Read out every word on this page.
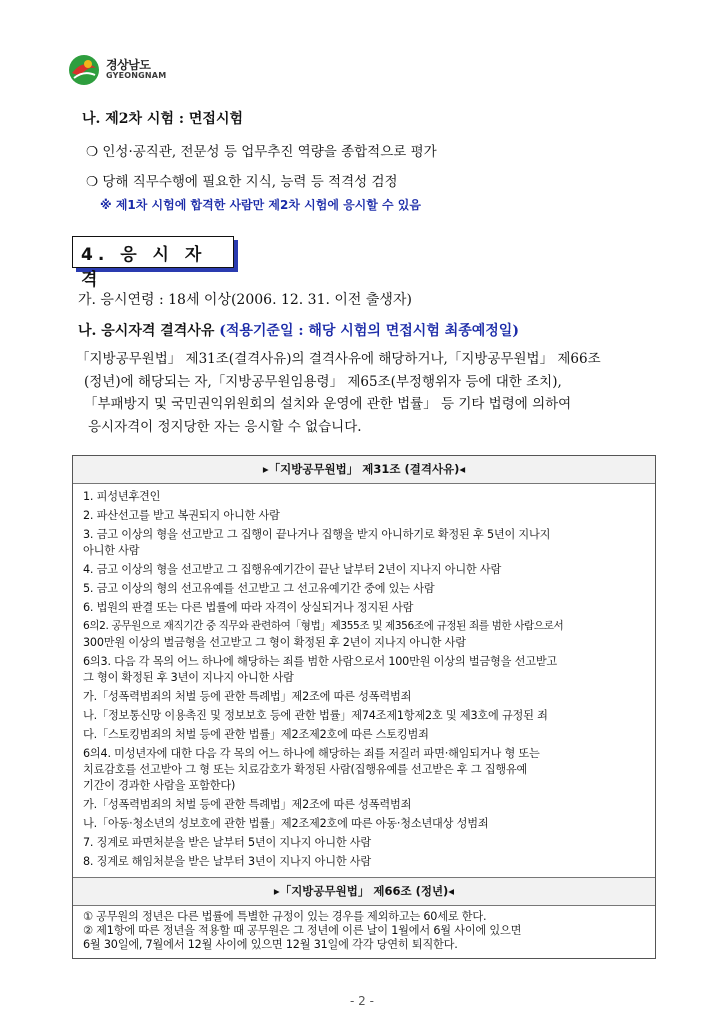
경상남도
GYEONGNAM
나. 제2차 시험 : 면접시험
❍ 인성·공직관, 전문성 등 업무추진 역량을 종합적으로 평가
❍ 당해 직무수행에 필요한 지식, 능력 등 적격성 검정
※ 제1차 시험에 합격한 사람만 제2차 시험에 응시할 수 있음
4. 응 시 자 격
가. 응시연령 : 18세 이상(2006. 12. 31. 이전 출생자)
나. 응시자격 결격사유 (적용기준일 : 해당 시험의 면접시험 최종예정일)

「지방공무원법」 제31조(결격사유)의 결격사유에 해당하거나,「지방공무원법」 제66조

(정년)에 해당되는 자,「지방공무원임용령」 제65조(부정행위자 등에 대한 조치),

「부패방지 및 국민권익위원회의 설치와 운영에 관한 법률」 등 기타 법령에 의하여

응시자격이 정지당한 자는 응시할 수 없습니다.

▸「지방공무원법」 제31조 (결격사유)◂
1. 피성년후견인
2. 파산선고를 받고 복권되지 아니한 사람
3. 금고 이상의 형을 선고받고 그 집행이 끝나거나 집행을 받지 아니하기로 확정된 후 5년이 지나지
아니한 사람
4. 금고 이상의 형을 선고받고 그 집행유예기간이 끝난 날부터 2년이 지나지 아니한 사람
5. 금고 이상의 형의 선고유예를 선고받고 그 선고유예기간 중에 있는 사람
6. 법원의 판결 또는 다른 법률에 따라 자격이 상실되거나 정지된 사람
6의2. 공무원으로 재직기간 중 직무와 관련하여「형법」제355조 및 제356조에 규정된 죄를 범한 사람으로서
300만원 이상의 벌금형을 선고받고 그 형이 확정된 후 2년이 지나지 아니한 사람
6의3. 다음 각 목의 어느 하나에 해당하는 죄를 범한 사람으로서 100만원 이상의 벌금형을 선고받고
그 형이 확정된 후 3년이 지나지 아니한 사람
가.「성폭력범죄의 처벌 등에 관한 특례법」제2조에 따른 성폭력범죄
나.「정보통신망 이용촉진 및 정보보호 등에 관한 법률」제74조제1항제2호 및 제3호에 규정된 죄
다.「스토킹범죄의 처벌 등에 관한 법률」제2조제2호에 따른 스토킹범죄
6의4. 미성년자에 대한 다음 각 목의 어느 하나에 해당하는 죄를 저질러 파면·해임되거나 형 또는
치료감호를 선고받아 그 형 또는 치료감호가 확정된 사람(집행유예를 선고받은 후 그 집행유예
기간이 경과한 사람을 포함한다)
가.「성폭력범죄의 처벌 등에 관한 특례법」제2조에 따른 성폭력범죄
나.「아동·청소년의 성보호에 관한 법률」제2조제2호에 따른 아동·청소년대상 성범죄
7. 징계로 파면처분을 받은 날부터 5년이 지나지 아니한 사람
8. 징계로 해임처분을 받은 날부터 3년이 지나지 아니한 사람
▸「지방공무원법」 제66조 (정년)◂
① 공무원의 정년은 다른 법률에 특별한 규정이 있는 경우를 제외하고는 60세로 한다.
② 제1항에 따른 정년을 적용할 때 공무원은 그 정년에 이른 날이 1월에서 6월 사이에 있으면
6월 30일에, 7월에서 12월 사이에 있으면 12월 31일에 각각 당연히 퇴직한다.
- 2 -
